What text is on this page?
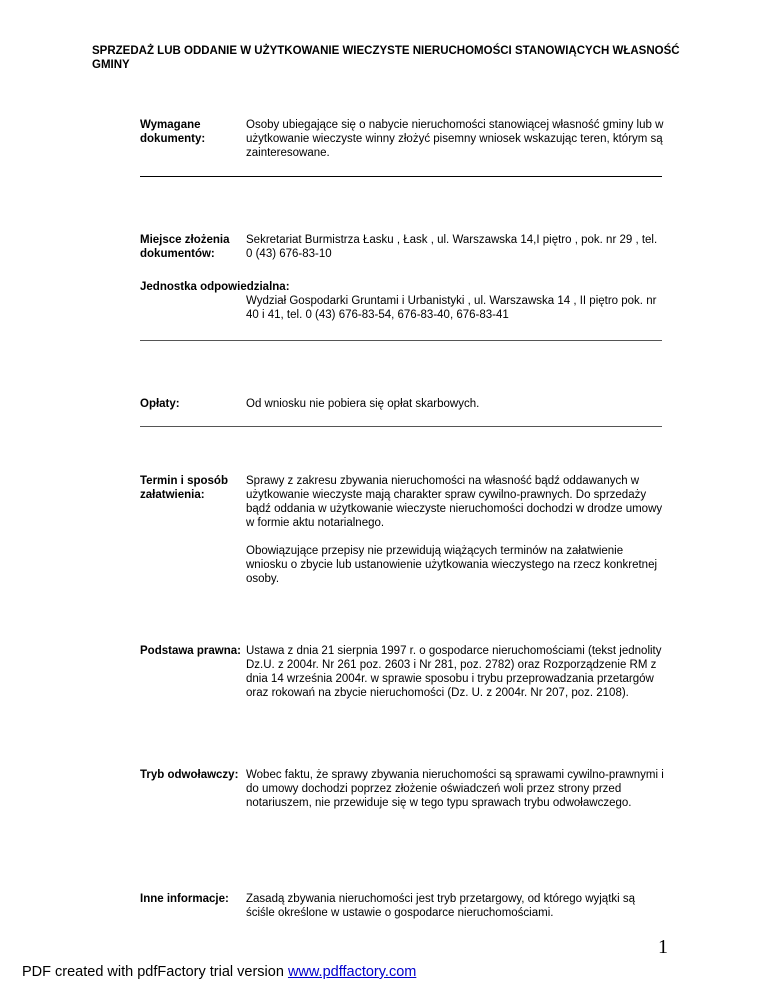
SPRZEDAŻ LUB ODDANIE W UŻYTKOWANIE WIECZYSTE NIERUCHOMOŚCI STANOWIĄCYCH WŁASNOŚĆ GMINY
Wymagane dokumenty:
Osoby ubiegające się o nabycie nieruchomości stanowiącej własność gminy lub w użytkowanie wieczyste winny złożyć pisemny wniosek wskazując teren, którym są zainteresowane.
Miejsce złożenia dokumentów:
Sekretariat Burmistrza Łasku , Łask , ul. Warszawska 14,I piętro , pok. nr 29 , tel. 0 (43) 676-83-10
Jednostka odpowiedzialna:
Wydział Gospodarki Gruntami i Urbanistyki , ul. Warszawska 14 , II piętro pok. nr 40 i 41, tel. 0 (43) 676-83-54, 676-83-40, 676-83-41
Opłaty:	Od wniosku nie pobiera się opłat skarbowych.
Termin i sposób załatwienia:
Sprawy z zakresu zbywania nieruchomości na własność bądź oddawanych w użytkowanie wieczyste mają charakter spraw cywilno-prawnych. Do sprzedaży bądź oddania w użytkowanie wieczyste nieruchomości dochodzi w drodze umowy w formie aktu notarialnego.
Obowiązujące przepisy nie przewidują wiążących terminów na załatwienie wniosku o zbycie lub ustanowienie użytkowania wieczystego na rzecz konkretnej osoby.
Podstawa prawna: Ustawa z dnia 21 sierpnia 1997 r. o gospodarce nieruchomościami (tekst jednolity Dz.U. z 2004r. Nr 261 poz. 2603 i Nr 281, poz. 2782) oraz Rozporządzenie RM z dnia 14 września 2004r. w sprawie sposobu i trybu przeprowadzania przetargów oraz rokowań na zbycie nieruchomości (Dz. U. z 2004r. Nr 207, poz. 2108).
Tryb odwoławczy: Wobec faktu, że sprawy zbywania nieruchomości są sprawami cywilno-prawnymi i do umowy dochodzi poprzez złożenie oświadczeń woli przez strony przed notariuszem, nie przewiduje się w tego typu sprawach trybu odwoławczego.
Inne informacje:	Zasadą zbywania nieruchomości jest tryb przetargowy, od którego wyjątki są ściśle określone w ustawie o gospodarce nieruchomościami.
1
PDF created with pdfFactory trial version www.pdffactory.com
